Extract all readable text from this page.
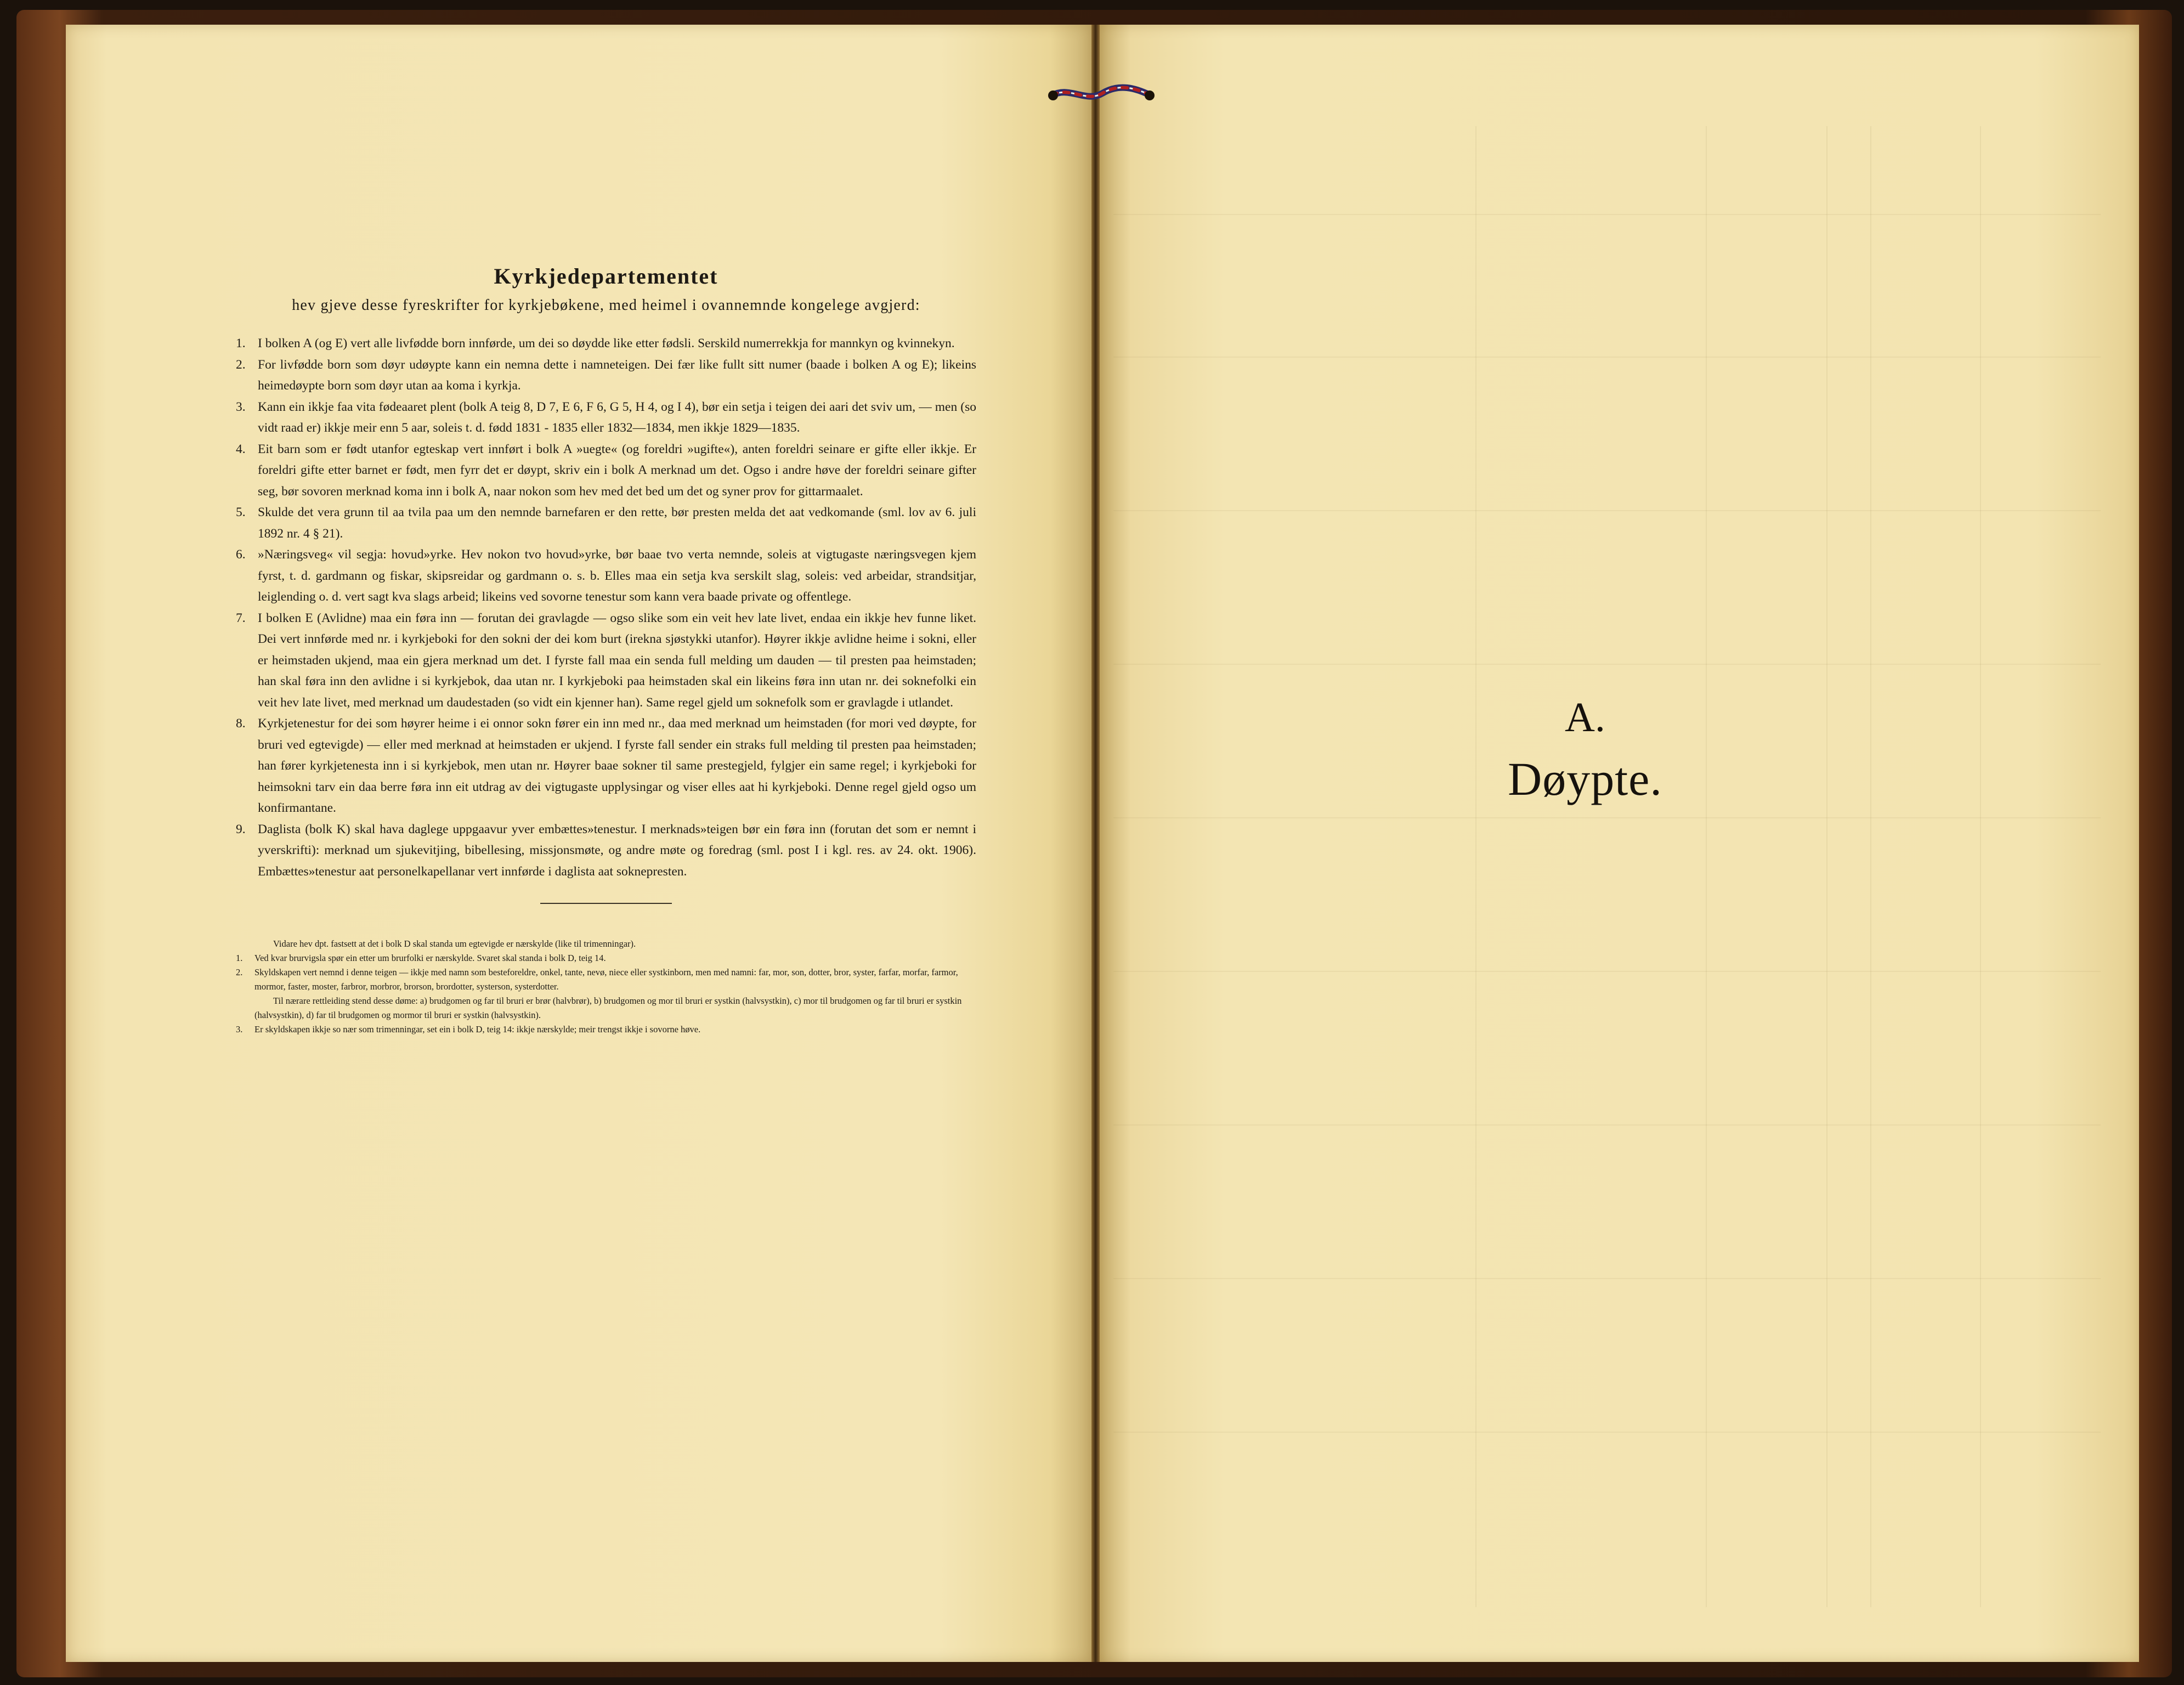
Kyrkjedepartementet

hev gjeve desse fyreskrifter for kyrkjebøkene, med heimel i ovannemnde kongelege avgjerd:

1. I bolken A (og E) vert alle livfødde born innførde, um dei so døydde like etter fødsli. Serskild numerrekkja for mannkyn og kvinnekyn.
2. For livfødde born som døyr udøypte kann ein nemna dette i namneteigen. Dei fær like fullt sitt numer (baade i bolken A og E); likeins heimedøypte born som døyr utan aa koma i kyrkja.
3. Kann ein ikkje faa vita fødeaaret plent (bolk A teig 8, D 7, E 6, F 6, G 5, H 4, og I 4), bør ein setja i teigen dei aari det sviv um, — men (so vidt raad er) ikkje meir enn 5 aar, soleis t. d. fødd 1831 - 1835 eller 1832—1834, men ikkje 1829—1835.
4. Eit barn som er født utanfor egteskap vert innført i bolk A »uegte« (og foreldri »ugifte«), anten foreldri seinare er gifte eller ikkje. Er foreldri gifte etter barnet er født, men fyrr det er døypt, skriv ein i bolk A merknad um det. Ogso i andre høve der foreldri seinare gifter seg, bør sovoren merknad koma inn i bolk A, naar nokon som hev med det bed um det og syner prov for gittarmaalet.
5. Skulde det vera grunn til aa tvila paa um den nemnde barnefaren er den rette, bør presten melda det aat vedkomande (sml. lov av 6. juli 1892 nr. 4 § 21).
6. »Næringsveg« vil segja: hovud»yrke. Hev nokon tvo hovud»yrke, bør baae tvo verta nemnde, soleis at vigtugaste næringsvegen kjem fyrst, t. d. gardmann og fiskar, skipsreidar og gardmann o. s. b. Elles maa ein setja kva serskilt slag, soleis: ved arbeidar, strandsitjar, leiglending o. d. vert sagt kva slags arbeid; likeins ved sovorne tenestur som kann vera baade private og offentlege.
7. I bolken E (Avlidne) maa ein føra inn — forutan dei gravlagde — ogso slike som ein veit hev late livet, endaa ein ikkje hev funne liket. Dei vert innførde med nr. i kyrkjeboki for den sokni der dei kom burt (irekna sjøstykki utanfor). Høyrer ikkje avlidne heime i sokni, eller er heimstaden ukjend, maa ein gjera merknad um det. I fyrste fall maa ein senda full melding um dauden — til presten paa heimstaden; han skal føra inn den avlidne i si kyrkjebok, daa utan nr. I kyrkjeboki paa heimstaden skal ein likeins føra inn utan nr. dei soknefolki ein veit hev late livet, med merknad um daudestaden (so vidt ein kjenner han). Same regel gjeld um soknefolk som er gravlagde i utlandet.
8. Kyrkjetenestur for dei som høyrer heime i ei onnor sokn fører ein inn med nr., daa med merknad um heimstaden (for mori ved døypte, for bruri ved egtevigde) — eller med merknad at heimstaden er ukjend. I fyrste fall sender ein straks full melding til presten paa heimstaden; han fører kyrkjetenesta inn i si kyrkjebok, men utan nr. Høyrer baae sokner til same prestegjeld, fylgjer ein same regel; i kyrkjeboki for heimsokni tarv ein daa berre føra inn eit utdrag av dei vigtugaste upplysingar og viser elles aat hi kyrkjeboki. Denne regel gjeld ogso um konfirmantane.
9. Daglista (bolk K) skal hava daglege uppgaavur yver embættes»tenestur. I merknads»teigen bør ein føra inn (forutan det som er nemnt i yverskrifti): merknad um sjukevitjing, bibellesing, missjonsmøte, og andre møte og foredrag (sml. post I i kgl. res. av 24. okt. 1906). Embættes»tenestur aat personelkapellanar vert innførde i daglista aat soknepresten.
Vidare hev dpt. fastsett at det i bolk D skal standa um egtevigde er nærskylde (like til trimenningar).
1.	Ved kvar brurvigsla spør ein etter um brurfolki er nærskylde. Svaret skal standa i bolk D, teig 14.
2.	Skyldskapen vert nemnd i denne teigen — ikkje med namn som besteforeldre, onkel, tante, nevø, niece eller systkinborn, men med namni: far, mor, son, dotter, bror, syster, farfar, morfar, farmor, mormor, faster, moster, farbror, morbror, brorson, brordotter, systerson, systerdotter.
Til nærare rettleiding stend desse døme: a) brudgomen og far til bruri er brør (halvbrør), b) brudgomen og mor til bruri er systkin (halvsystkin), c) mor til brudgomen og far til bruri er systkin (halvsystkin), d) far til brudgomen og mormor til bruri er systkin (halvsystkin).
3.	Er skyldskapen ikkje so nær som trimenningar, set ein i bolk D, teig 14: ikkje nærskylde; meir trengst ikkje i sovorne høve.
A.
Døypte.
